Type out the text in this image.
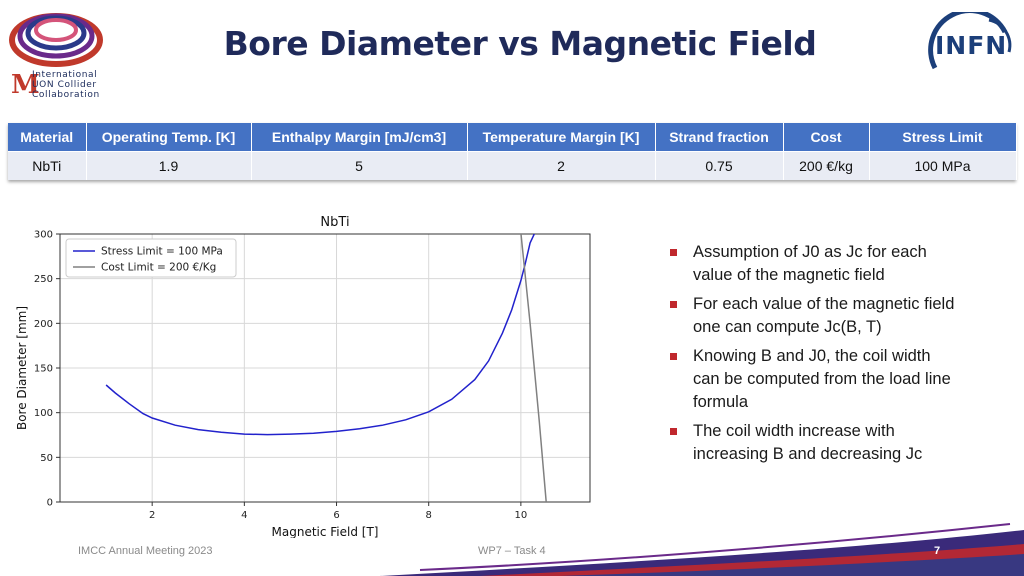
M
International
UON Collider
Collaboration
Bore Diameter vs Magnetic Field	INFN
Material	Operating Temp. [K]	Enthalpy Margin [mJ/cm3]	Temperature Margin [K]	Strand fraction	Cost	Stress Limit
NbTi	1.9	5	2	0.75	200 €/kg	100 MPa
2	4	6	8	10
0
50
100
150
200
250
300
NbTi
Magnetic Field [T]
Bore Diameter [mm]
Stress Limit = 100 MPa
Cost Limit = 200 €/Kg
Assumption of J0 as Jc for each value of the magnetic field
For each value of the magnetic field one can compute Jc(B, T)
Knowing B and J0, the coil width can be computed from the load line formula
The coil width increase with increasing B and decreasing Jc
IMCC Annual Meeting 2023	WP7 – Task 4	7
